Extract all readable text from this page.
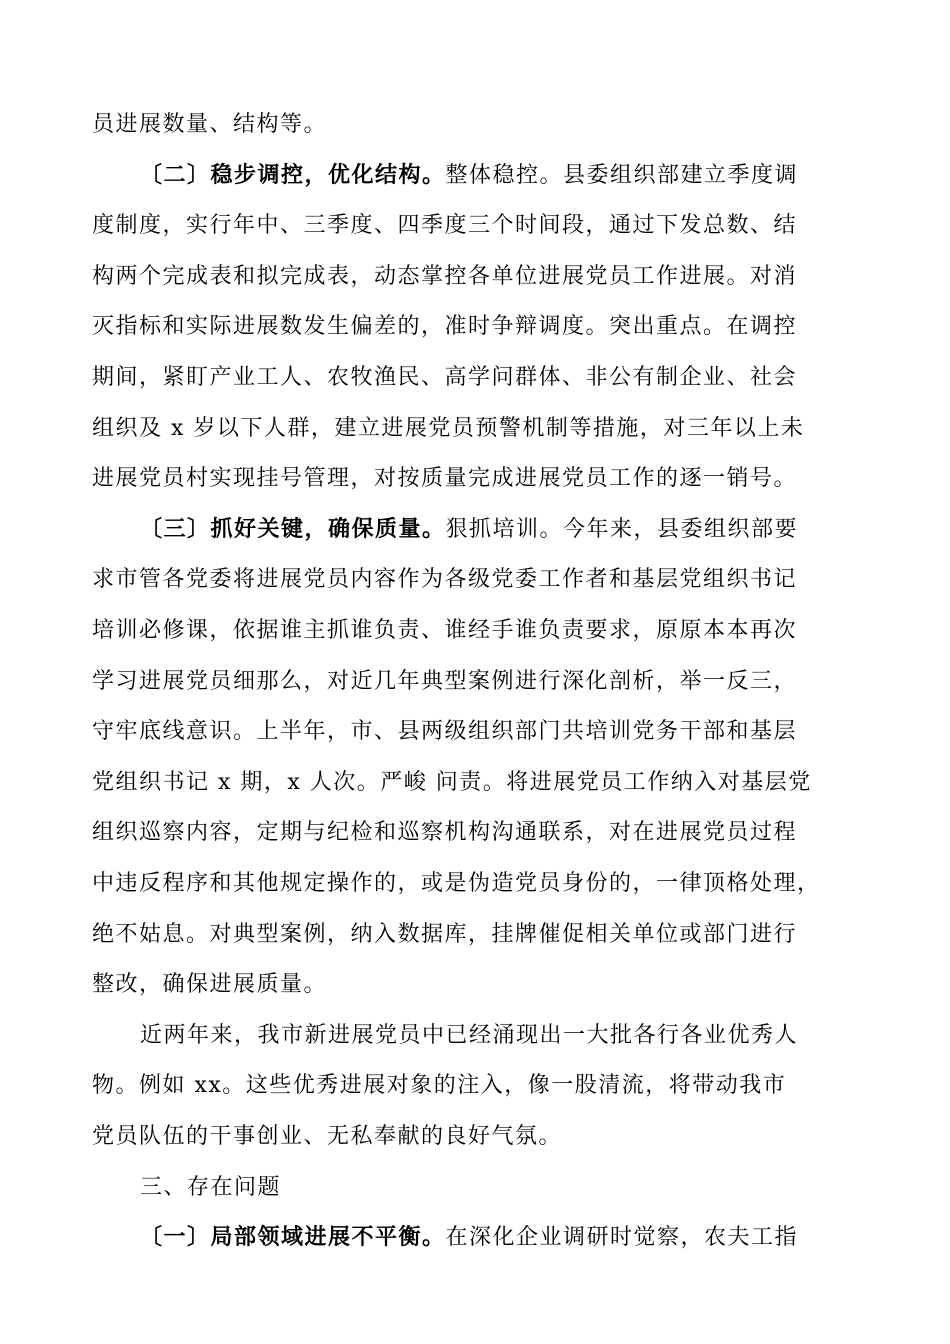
员进展数量、结构等。
〔二〕稳步调控，优化结构。整体稳控。县委组织部建立季度调
度制度，实行年中、三季度、四季度三个时间段，通过下发总数、结
构两个完成表和拟完成表，动态掌控各单位进展党员工作进展。对消
灭指标和实际进展数发生偏差的，准时争辩调度。突出重点。在调控
期间，紧盯产业工人、农牧渔民、高学问群体、非公有制企业、社会
组织及 x 岁以下人群，建立进展党员预警机制等措施，对三年以上未
进展党员村实现挂号管理，对按质量完成进展党员工作的逐一销号。
〔三〕抓好关键，确保质量。狠抓培训。今年来，县委组织部要
求市管各党委将进展党员内容作为各级党委工作者和基层党组织书记
培训必修课，依据谁主抓谁负责、谁经手谁负责要求，原原本本再次
学习进展党员细那么，对近几年典型案例进行深化剖析，举一反三，
守牢底线意识。上半年，市、县两级组织部门共培训党务干部和基层
党组织书记 x 期，x 人次。严峻 问责。将进展党员工作纳入对基层党
组织巡察内容，定期与纪检和巡察机构沟通联系，对在进展党员过程
中违反程序和其他规定操作的，或是伪造党员身份的，一律顶格处理，
绝不姑息。对典型案例，纳入数据库，挂牌催促相关单位或部门进行
整改，确保进展质量。
近两年来，我市新进展党员中已经涌现出一大批各行各业优秀人
物。例如 xx。这些优秀进展对象的注入，像一股清流，将带动我市
党员队伍的干事创业、无私奉献的良好气氛。
三、存在问题
〔一〕局部领域进展不平衡。在深化企业调研时觉察，农夫工指
